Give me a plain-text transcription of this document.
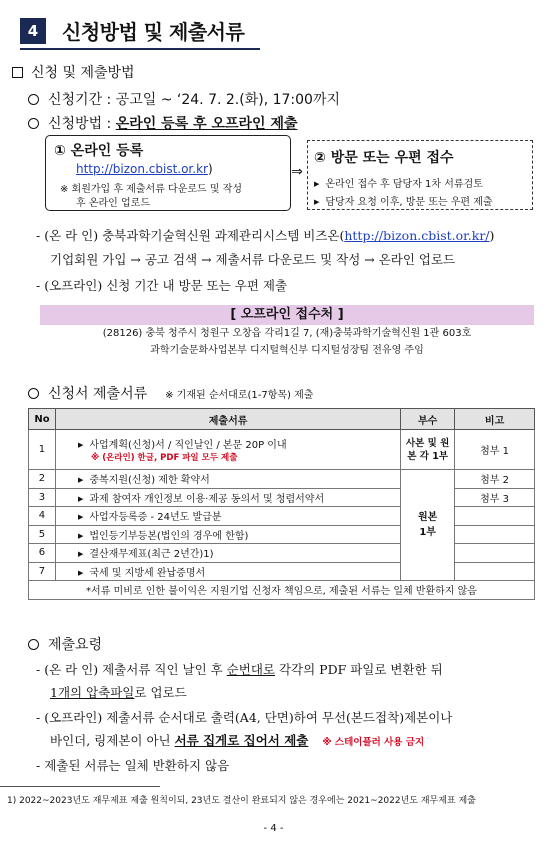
4	신청방법 및 제출서류
신청 및 제출방법
신청기간 : 공고일 ~ ‘24. 7. 2.(화), 17:00까지
신청방법 : 온라인 등록 후 오프라인 제출
① 온라인 등록
http://bizon.cbist.or.kr)
※ 회원가입 후 제출서류 다운로드 및 작성
후 온라인 업로드
⇒
② 방문 또는 우편 접수
▶ 온라인 접수 후 담당자 1차 서류검토
▶ 담당자 요청 이후, 방문 또는 우편 제출
- (온 라 인) 충북과학기술혁신원 과제관리시스템 비즈온(http://bizon.cbist.or.kr/)
기업회원 가입 → 공고 검색 → 제출서류 다운로드 및 작성 → 온라인 업로드
- (오프라인) 신청 기간 내 방문 또는 우편 제출
[ 오프라인 접수처 ]
(28126) 충북 청주시 청원구 오창읍 각리1길 7, (재)충북과학기술혁신원 1관 603호
과학기술문화사업본부 디지털혁신부 디지털성장팀 전유영 주임
신청서 제출서류 ※ 기재된 순서대로(1-7항목) 제출
No	제출서류	부수	비고
1	▶ 사업계획(신청)서 / 직인날인 / 본문 20P 이내
※ (온라인) 한글, PDF 파일 모두 제출	사본 및 원본 각 1부	첨부 1
2	▶ 중복지원(신청) 제한 확약서	원본 1부	첨부 2
3	▶ 과제 참여자 개인정보 이용·제공 동의서 및 청렴서약서		첨부 3
4	▶ 사업자등록증 - 24년도 발급분		
5	▶ 법인등기부등본(법인의 경우에 한함)		
6	▶ 결산재무제표(최근 2년간)1)		
7	▶ 국세 및 지방세 완납증명서		
*서류 미비로 인한 불이익은 지원기업 신청자 책임으로, 제출된 서류는 일체 반환하지 않음			
제출요령
- (온 라 인) 제출서류 직인 날인 후 순번대로 각각의 PDF 파일로 변환한 뒤
1개의 압축파일로 업로드
- (오프라인) 제출서류 순서대로 출력(A4, 단면)하여 무선(본드접착)제본이나
바인더, 링제본이 아닌 서류 집게로 집어서 제출 ※ 스테이플러 사용 금지
- 제출된 서류는 일체 반환하지 않음
1) 2022~2023년도 재무제표 제출 원칙이되, 23년도 결산이 완료되지 않은 경우에는 2021~2022년도 재무제표 제출
- 4 -
